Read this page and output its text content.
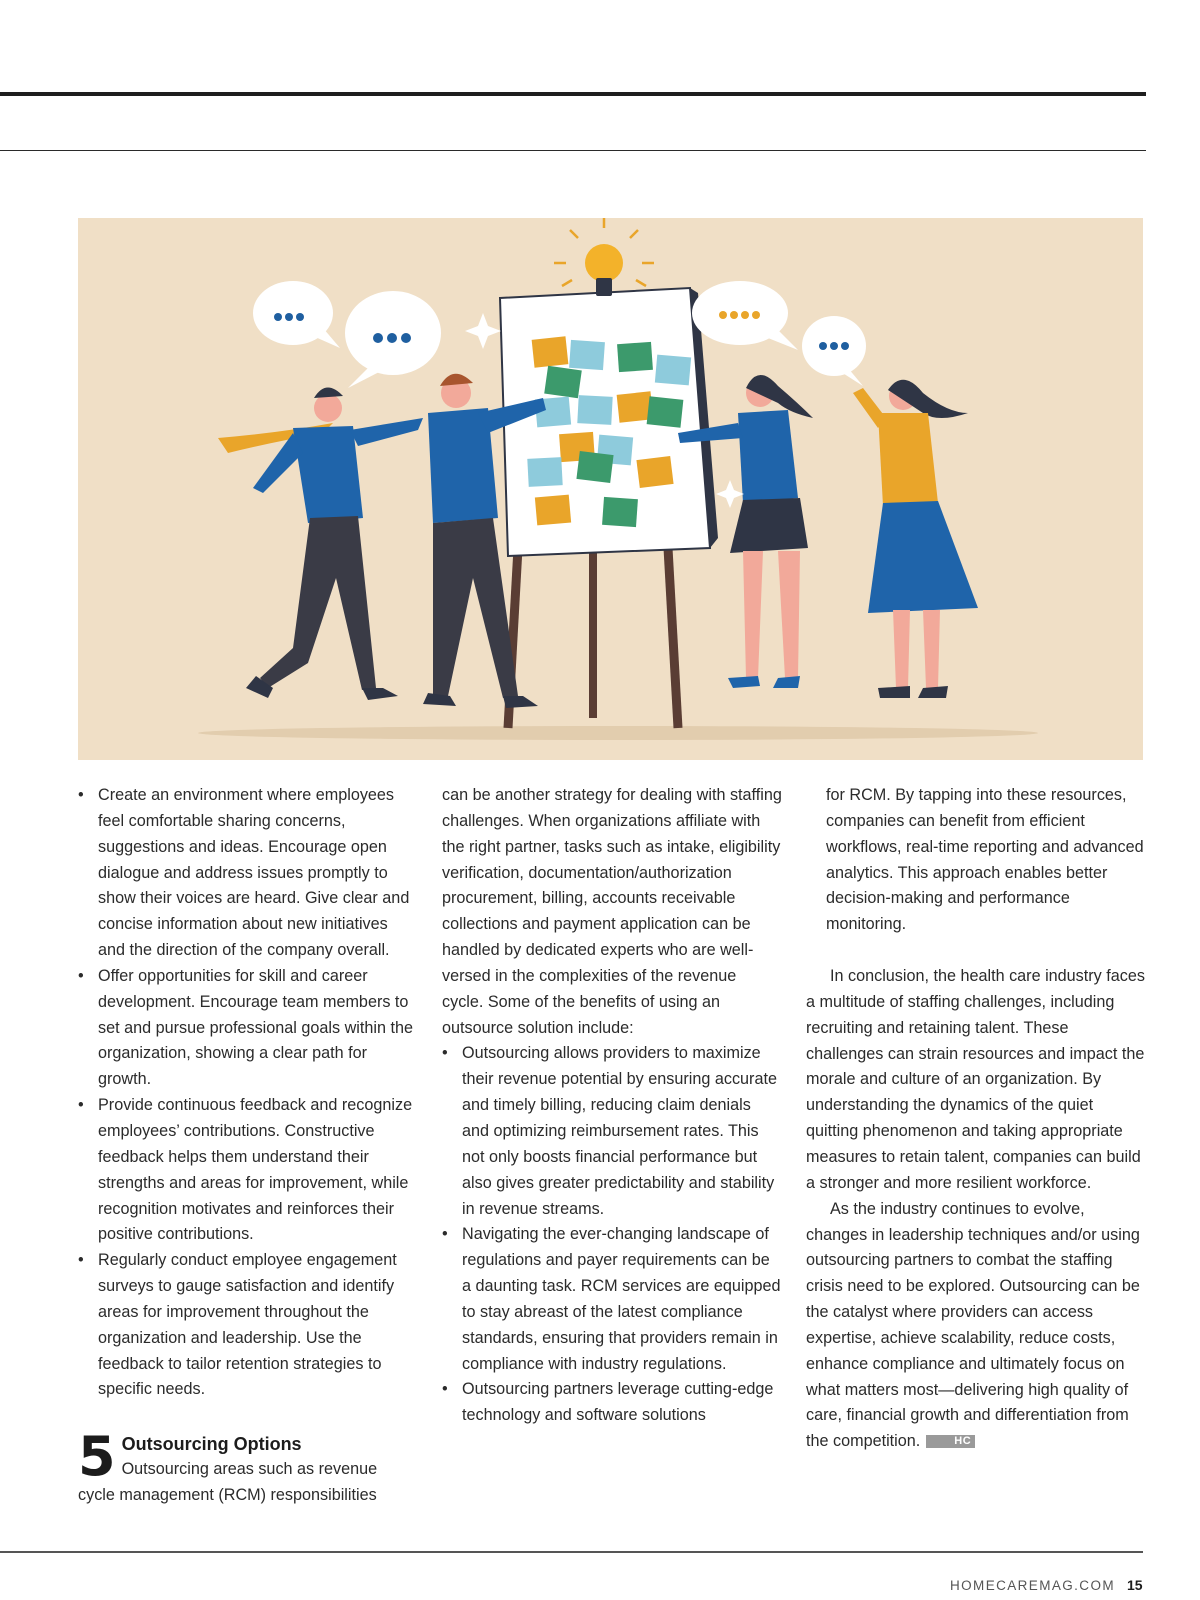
• Create an environment where employees feel comfortable sharing concerns, suggestions and ideas. Encourage open dialogue and address issues promptly to show their voices are heard. Give clear and concise information about new initiatives and the direction of the company overall.
• Offer opportunities for skill and career development. Encourage team members to set and pursue professional goals within the organization, showing a clear path for growth.
• Provide continuous feedback and recognize employees’ contributions. Constructive feedback helps them understand their strengths and areas for improvement, while recognition motivates and reinforces their positive contributions.
• Regularly conduct employee engagement surveys to gauge satisfaction and identify areas for improvement throughout the organization and leadership. Use the feedback to tailor retention strategies to specific needs.
5 Outsourcing Options
Outsourcing areas such as revenue cycle management (RCM) responsibilities

can be another strategy for dealing with staffing challenges. When organizations affiliate with the right partner, tasks such as intake, eligibility verification, documentation/authorization procurement, billing, accounts receivable collections and payment application can be handled by dedicated experts who are well-versed in the complexities of the revenue cycle. Some of the benefits of using an outsource solution include:

• Outsourcing allows providers to maximize their revenue potential by ensuring accurate and timely billing, reducing claim denials and optimizing reimbursement rates. This not only boosts financial performance but also gives greater predictability and stability in revenue streams.
• Navigating the ever-changing landscape of regulations and payer requirements can be a daunting task. RCM services are equipped to stay abreast of the latest compliance standards, ensuring that providers remain in compliance with industry regulations.
• Outsourcing partners leverage cutting-edge technology and software solutions
for RCM. By tapping into these resources, companies can benefit from efficient workflows, real-time reporting and advanced analytics. This approach enables better decision-making and performance monitoring.

In conclusion, the health care industry faces a multitude of staffing challenges, including recruiting and retaining talent. These challenges can strain resources and impact the morale and culture of an organization. By understanding the dynamics of the quiet quitting phenomenon and taking appropriate measures to retain talent, companies can build a stronger and more resilient workforce.

As the industry continues to evolve, changes in leadership techniques and/or using outsourcing partners to combat the staffing crisis need to be explored. Outsourcing can be the catalyst where providers can access expertise, achieve scalability, reduce costs, enhance compliance and ultimately focus on what matters most—delivering high quality of care, financial growth and differentiation from the competition.	HC

HOMECAREMAG.COM 15
